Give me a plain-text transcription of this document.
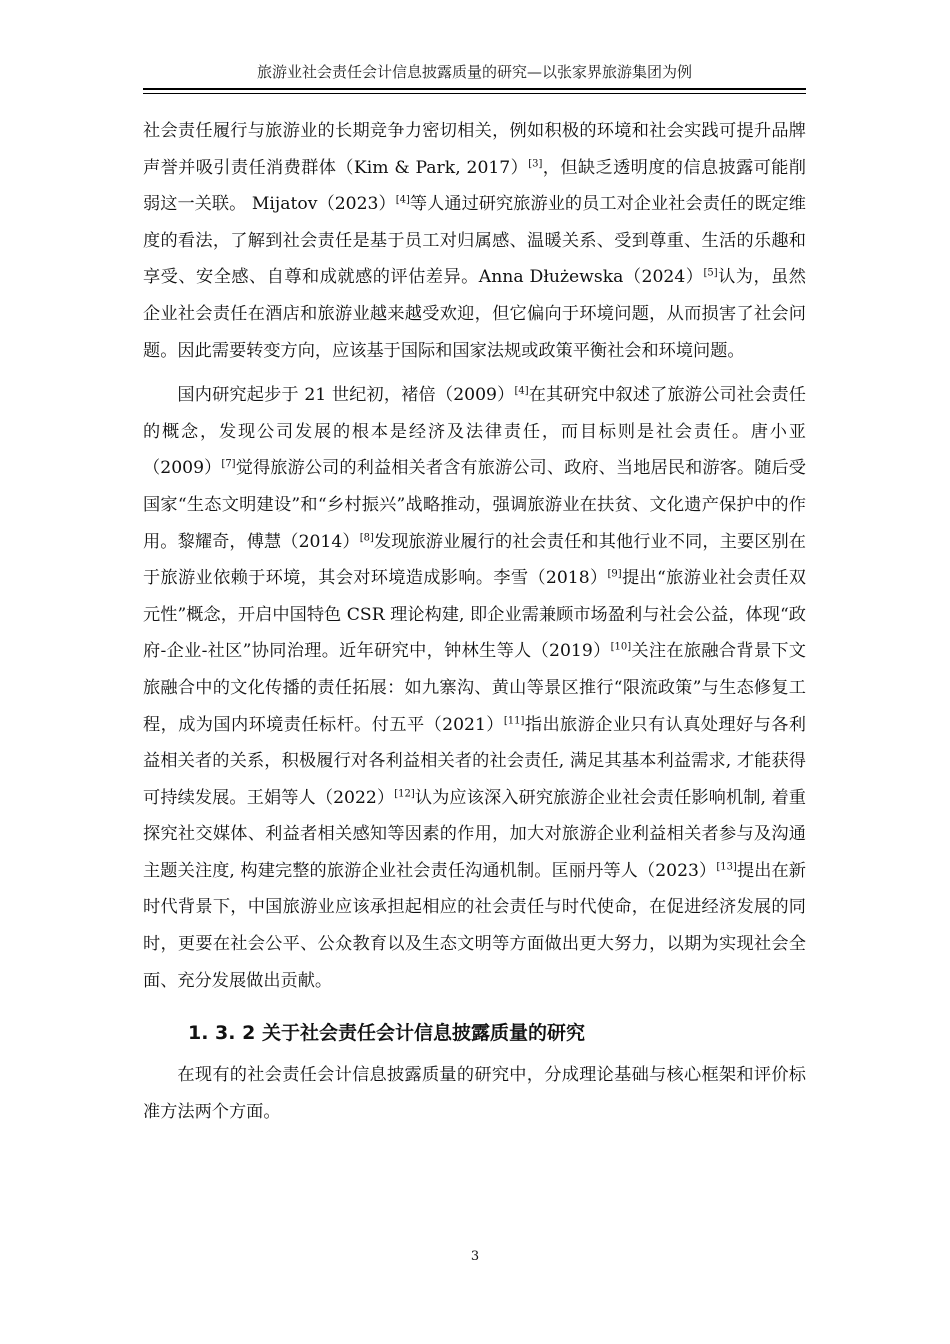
旅游业社会责任会计信息披露质量的研究—以张家界旅游集团为例

社会责任履行与旅游业的长期竞争力密切相关，例如积极的环境和社会实践可提升品牌声誉并吸引责任消费群体（Kim & Park, 2017）[3]，但缺乏透明度的信息披露可能削弱这一关联。 Mijatov（2023）[4]等人通过研究旅游业的员工对企业社会责任的既定维度的看法，了解到社会责任是基于员工对归属感、温暖关系、受到尊重、生活的乐趣和享受、安全感、自尊和成就感的评估差异。Anna Dłużewska（2024）[5]认为，虽然企业社会责任在酒店和旅游业越来越受欢迎，但它偏向于环境问题，从而损害了社会问题。因此需要转变方向，应该基于国际和国家法规或政策平衡社会和环境问题。

国内研究起步于 21 世纪初，褚倍（2009）[4]在其研究中叙述了旅游公司社会责任的概念，发现公司发展的根本是经济及法律责任，而目标则是社会责任。唐小亚（2009）[7]觉得旅游公司的利益相关者含有旅游公司、政府、当地居民和游客。随后受国家“生态文明建设”和“乡村振兴”战略推动，强调旅游业在扶贫、文化遗产保护中的作用。黎耀奇，傅慧（2014）[8]发现旅游业履行的社会责任和其他行业不同，主要区别在于旅游业依赖于环境，其会对环境造成影响。李雪（2018）[9]提出“旅游业社会责任双元性”概念，开启中国特色 CSR 理论构建, 即企业需兼顾市场盈利与社会公益，体现“政府-企业-社区”协同治理。近年研究中，钟林生等人（2019）[10]关注在旅融合背景下文旅融合中的文化传播的责任拓展：如九寨沟、黄山等景区推行“限流政策”与生态修复工程，成为国内环境责任标杆。付五平（2021）[11]指出旅游企业只有认真处理好与各利益相关者的关系，积极履行对各利益相关者的社会责任, 满足其基本利益需求, 才能获得可持续发展。王娟等人（2022）[12]认为应该深入研究旅游企业社会责任影响机制, 着重探究社交媒体、利益者相关感知等因素的作用，加大对旅游企业利益相关者参与及沟通主题关注度, 构建完整的旅游企业社会责任沟通机制。匡丽丹等人（2023）[13]提出在新时代背景下，中国旅游业应该承担起相应的社会责任与时代使命，在促进经济发展的同时，更要在社会公平、公众教育以及生态文明等方面做出更大努力，以期为实现社会全面、充分发展做出贡献。

1. 3. 2 关于社会责任会计信息披露质量的研究

在现有的社会责任会计信息披露质量的研究中，分成理论基础与核心框架和评价标准方法两个方面。

3
